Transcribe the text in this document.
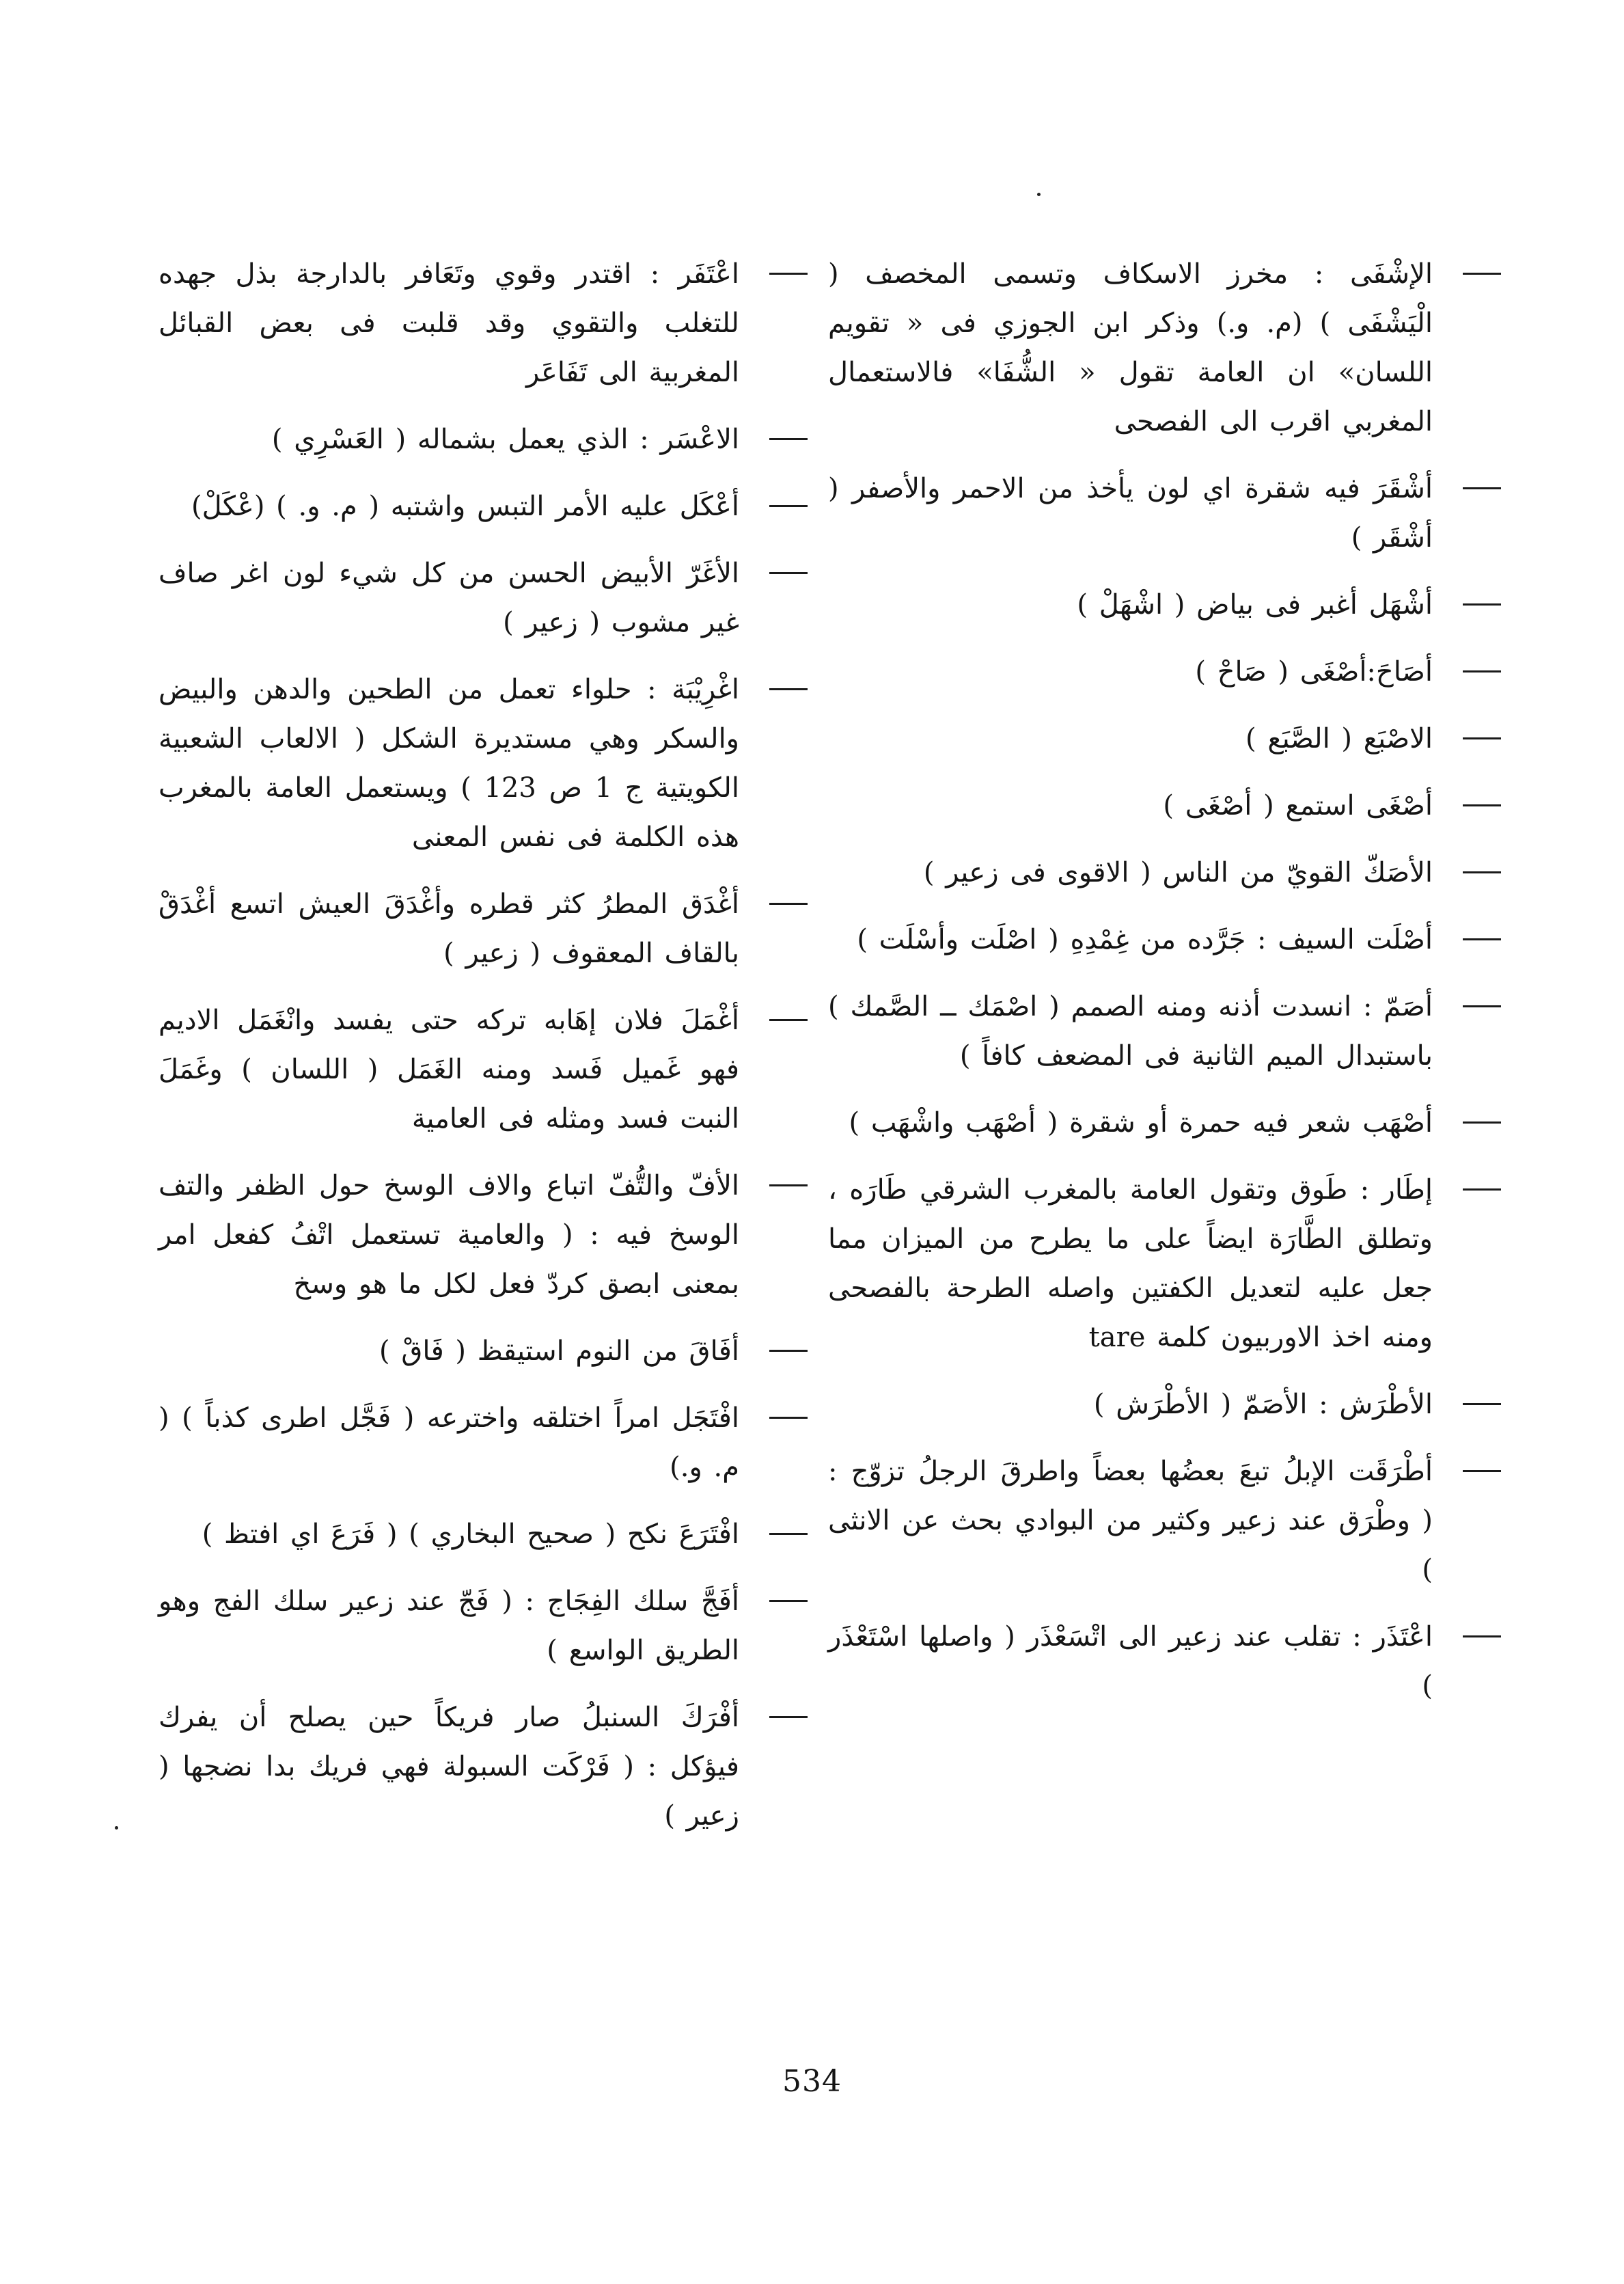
الإشْفَى : مخرز الاسكاف وتسمى المخصف ( الْيَشْفَى ) (م. و.) وذكر ابن الجوزي فى « تقويم اللسان» ان العامة تقول « الشُّفَا» فالاستعمال المغربي اقرب الى الفصحى
أشْقَرَ فيه شقرة اي لون يأخذ من الاحمر والأصفر ( أشْقَر )
أشْهَل أغبر فى بياض ( اشْهَلْ )
أصَاحَ:أصْغَى ( صَاحْ )
الاصْبَع ( الصَّبَع )
أصْغَى استمع ( أصْغَى )
الأصَكّ القويّ من الناس ( الاقوى فى زعير )
أصْلَت السيف : جَرَّده من غِمْدِهِ ( اصْلَت وأسْلَت )
أصَمّ : انسدت أذنه ومنه الصمم ( اصْمَك ــ الصَّمك ) باستبدال الميم الثانية فى المضعف كافاً )
أصْهَب شعر فيه حمرة أو شقرة ( أصْهَب واشْهَب )
إطَار : طَوق وتقول العامة بالمغرب الشرقي طَارَه ، وتطلق الطَّارَة ايضاً على ما يطرح من الميزان مما جعل عليه لتعديل الكفتين واصله الطرحة بالفصحى ومنه اخذ الاوربيون كلمة tare
الأطْرَش : الأصَمّ ( الأطْرَش )
أطْرَقَت الإبلُ تبعَ بعضُها بعضاً واطرقَ الرجلُ تزوّج : ( وطْرَق عند زعير وكثير من البوادي بحث عن الانثى )
اعْتَذَر : تقلب عند زعير الى اتْسَعْذَر ( واصلها اسْتَعْذَر )
اعْتَفَر : اقتدر وقوي وتَعَافر بالدارجة بذل جهده للتغلب والتقوي وقد قلبت فى بعض القبائل المغربية الى تَفَاعَر
الاعْسَر : الذي يعمل بشماله ( العَسْرِي )
أعْكَل عليه الأمر التبس واشتبه ( م. و. ) (عْكَلْ)
الأغَرّ الأبيض الحسن من كل شيء لون اغر صاف غير مشوب ( زعير )
اغْرِيْبَة : حلواء تعمل من الطحين والدهن والبيض والسكر وهي مستديرة الشكل ( الالعاب الشعبية الكويتية ج 1 ص 123 ) ويستعمل العامة بالمغرب هذه الكلمة فى نفس المعنى
أغْدَق المطرُ كثر قطره وأغْدَقَ العيش اتسع أغْدَقْ بالقاف المعقوف ( زعير )
أغْمَلَ فلان إهَابه تركه حتى يفسد وانْغَمَل الاديم فهو غَميل فَسد ومنه الغَمَل ( اللسان ) وغَمَلَ النبت فسد ومثله فى العامية
الأفّ والتُّفّ اتباع والاف الوسخ حول الظفر والتف الوسخ فيه : ( والعامية تستعمل اتْفُ كفعل امر بمعنى ابصق كردّ فعل لكل ما هو وسخ
أفَاقَ من النوم استيقظ ( فَاقْ )
افْتَجَل امراً اختلقه واخترعه ( فَجَّل اطرى كذباً ) ( م. و.)
افْتَرَعَ نكح ( صحيح البخاري ) ( فَرَعَ اي افتظ )
أفَجَّ سلك الفِجَاج : ( فَجّ عند زعير سلك الفج وهو الطريق الواسع )
أفْرَكَ السنبلُ صار فريكاً حين يصلح أن يفرك فيؤكل : ( فَرْكَت السبولة فهي فريك بدا نضجها ( زعير )
534
